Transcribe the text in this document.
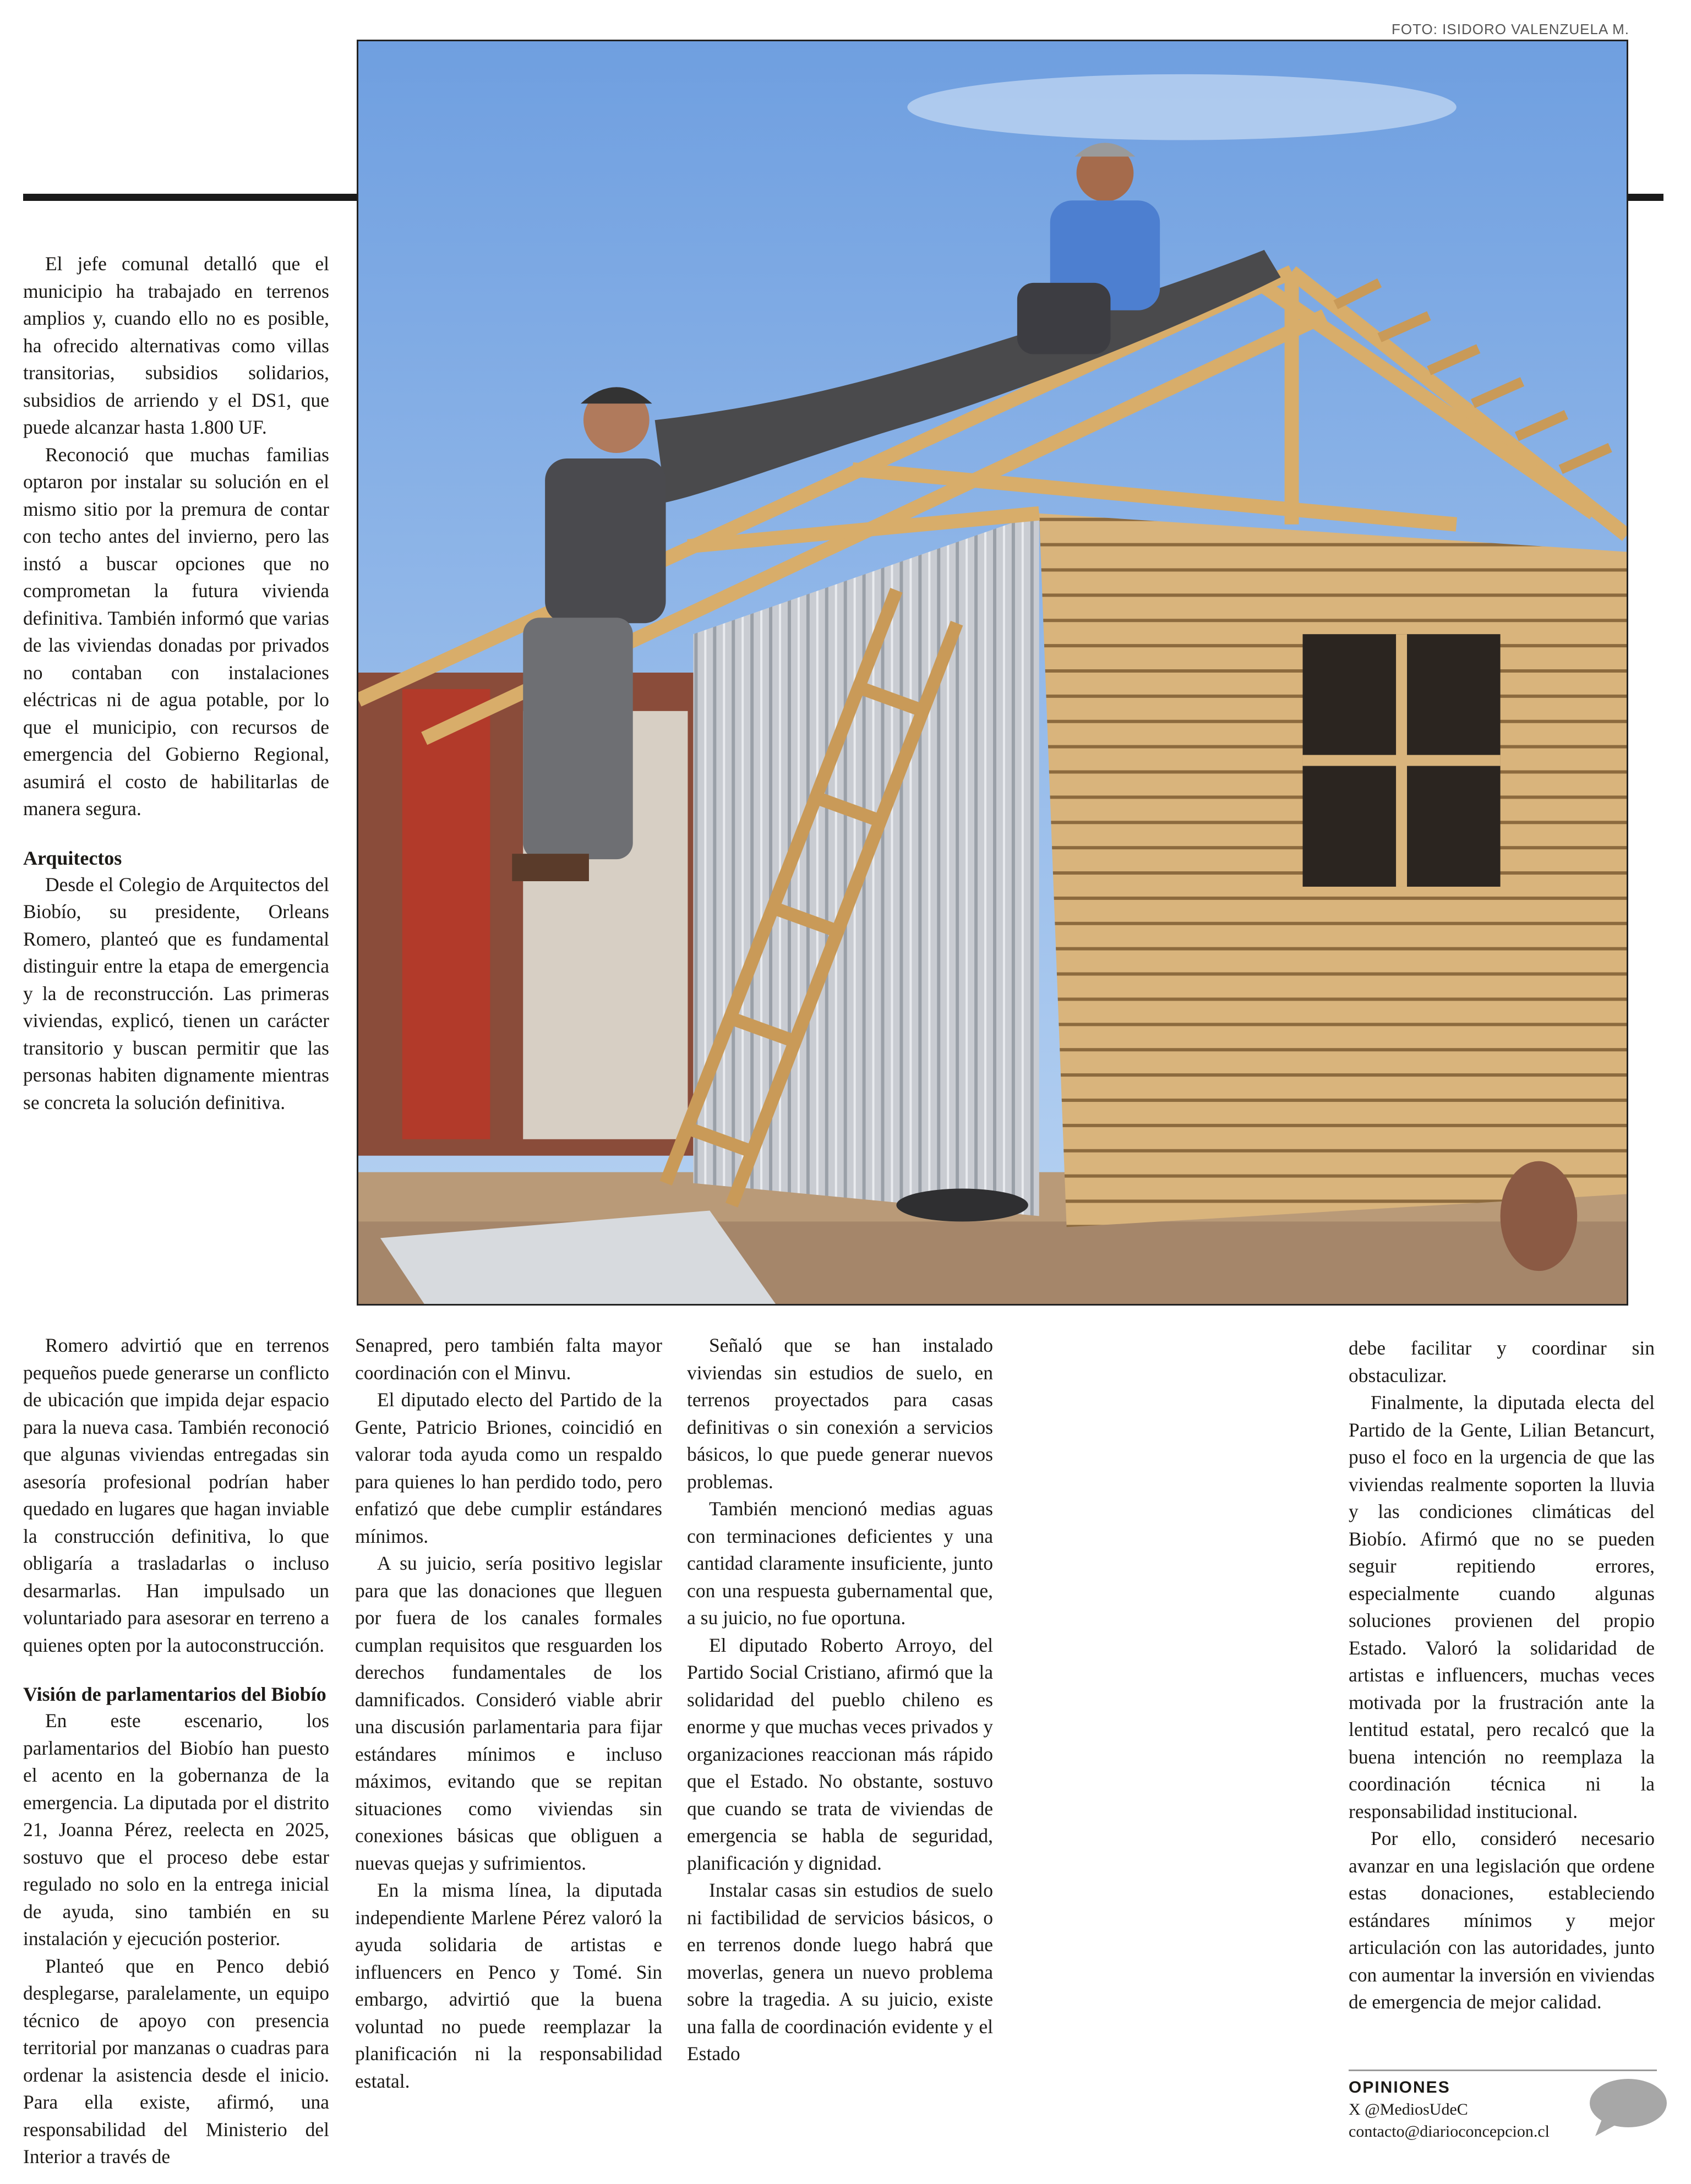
FOTO: ISIDORO VALENZUELA M.

El jefe comunal detalló que el municipio ha trabajado en terrenos amplios y, cuando ello no es posible, ha ofrecido alternativas como villas transitorias, subsidios solidarios, subsidios de arriendo y el DS1, que puede alcanzar hasta 1.800 UF.

Reconoció que muchas familias optaron por instalar su solución en el mismo sitio por la premura de contar con techo antes del invierno, pero las instó a buscar opciones que no comprometan la futura vivienda definitiva. También informó que varias de las viviendas donadas por privados no contaban con instalaciones eléctricas ni de agua potable, por lo que el municipio, con recursos de emergencia del Gobierno Regional, asumirá el costo de habilitarlas de manera segura.

Arquitectos

Desde el Colegio de Arquitectos del Biobío, su presidente, Orleans Romero, planteó que es fundamental distinguir entre la etapa de emergencia y la de reconstrucción. Las primeras viviendas, explicó, tienen un carácter transitorio y buscan permitir que las personas habiten dignamente mientras se concreta la solución definitiva.

Romero advirtió que en terrenos pequeños puede generarse un conflicto de ubicación que impida dejar espacio para la nueva casa. También reconoció que algunas viviendas entregadas sin asesoría profesional podrían haber quedado en lugares que hagan inviable la construcción definitiva, lo que obligaría a trasladarlas o incluso desarmarlas. Han impulsado un voluntariado para asesorar en terreno a quienes opten por la autoconstrucción.

Visión de parlamentarios del Biobío

En este escenario, los parlamentarios del Biobío han puesto el acento en la gobernanza de la emergencia. La diputada por el distrito 21, Joanna Pérez, reelecta en 2025, sostuvo que el proceso debe estar regulado no solo en la entrega inicial de ayuda, sino también en su instalación y ejecución posterior.

Planteó que en Penco debió desplegarse, paralelamente, un equipo técnico de apoyo con presencia territorial por manzanas o cuadras para ordenar la asistencia desde el inicio. Para ella existe, afirmó, una responsabilidad del Ministerio del Interior a través de

Senapred, pero también falta mayor coordinación con el Minvu.

El diputado electo del Partido de la Gente, Patricio Briones, coincidió en valorar toda ayuda como un respaldo para quienes lo han perdido todo, pero enfatizó que debe cumplir estándares mínimos.

A su juicio, sería positivo legislar para que las donaciones que lleguen por fuera de los canales formales cumplan requisitos que resguarden los derechos fundamentales de los damnificados. Consideró viable abrir una discusión parlamentaria para fijar estándares mínimos e incluso máximos, evitando que se repitan situaciones como viviendas sin conexiones básicas que obliguen a nuevas quejas y sufrimientos.

En la misma línea, la diputada independiente Marlene Pérez valoró la ayuda solidaria de artistas e influencers en Penco y Tomé. Sin embargo, advirtió que la buena voluntad no puede reemplazar la planificación ni la responsabilidad estatal.

Señaló que se han instalado viviendas sin estudios de suelo, en terrenos proyectados para casas definitivas o sin conexión a servicios básicos, lo que puede generar nuevos problemas.

También mencionó medias aguas con terminaciones deficientes y una cantidad claramente insuficiente, junto con una respuesta gubernamental que, a su juicio, no fue oportuna.

El diputado Roberto Arroyo, del Partido Social Cristiano, afirmó que la solidaridad del pueblo chileno es enorme y que muchas veces privados y organizaciones reaccionan más rápido que el Estado. No obstante, sostuvo que cuando se trata de viviendas de emergencia se habla de seguridad, planificación y dignidad.

Instalar casas sin estudios de suelo ni factibilidad de servicios básicos, o en terrenos donde luego habrá que moverlas, genera un nuevo problema sobre la tragedia. A su juicio, existe una falla de coordinación evidente y el Estado

debe facilitar y coordinar sin obstaculizar.

Finalmente, la diputada electa del Partido de la Gente, Lilian Betancurt, puso el foco en la urgencia de que las viviendas realmente soporten la lluvia y las condiciones climáticas del Biobío. Afirmó que no se pueden seguir repitiendo errores, especialmente cuando algunas soluciones provienen del propio Estado. Valoró la solidaridad de artistas e influencers, muchas veces motivada por la frustración ante la lentitud estatal, pero recalcó que la buena intención no reemplaza la coordinación técnica ni la responsabilidad institucional.

Por ello, consideró necesario avanzar en una legislación que ordene estas donaciones, estableciendo estándares mínimos y mejor articulación con las autoridades, junto con aumentar la inversión en viviendas de emergencia de mejor calidad.

OPINIONES
X @MediosUdeC
contacto@diarioconcepcion.cl
